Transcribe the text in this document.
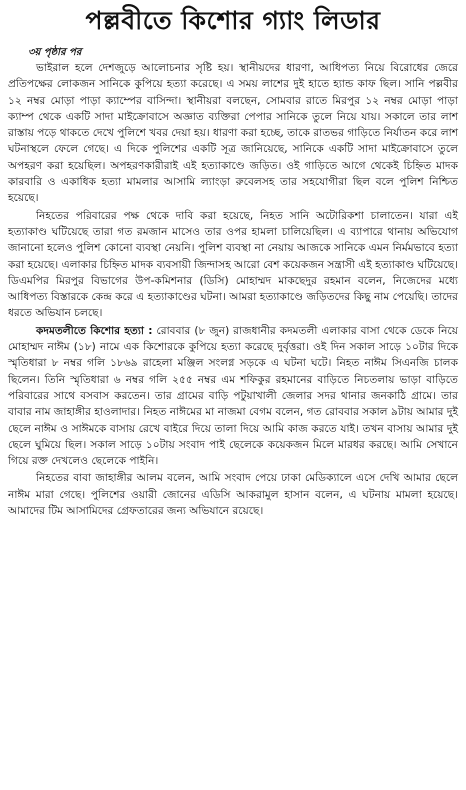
পল্লবীতে কিশোর গ্যাং লিডার
৩য় পৃষ্ঠার পর

ভাইরাল হলে দেশজুড়ে আলোচনার সৃষ্টি হয়। স্থানীয়দের ধারণা, আধিপত্য নিয়ে বিরোধের জেরে প্রতিপক্ষের লোকজন সানিকে কুপিয়ে হত্যা করেছে। এ সময় লাশের দুই হাতে হ্যান্ড কাফ ছিল। সানি পল্লবীর ১২ নম্বর মোড়া পাড়া ক্যাম্পের বাসিন্দা। স্থানীয়রা বলছেন, সোমবার রাতে মিরপুর ১২ নম্বর মোড়া পাড়া ক্যাম্প থেকে একটি সাদা মাইক্রোবাসে অজ্ঞাত ব্যক্তিরা পেপার সানিকে তুলে নিয়ে যায়। সকালে তার লাশ রাস্তায় পড়ে থাকতে দেখে পুলিশে খবর দেয়া হয়। ধারণা করা হচ্ছে, তাকে রাতভর গাড়িতে নির্যাতন করে লাশ ঘটনাস্থলে ফেলে গেছে। এ দিকে পুলিশের একটি সূত্র জানিয়েছে, সানিকে একটি সাদা মাইক্রোবাসে তুলে অপহরণ করা হয়েছিল। অপহরণকারীরাই এই হত্যাকাণ্ডে জড়িত। ওই গাড়িতে আগে থেকেই চিহ্নিত মাদক কারবারি ও একাধিক হত্যা মামলার আসামি ল্যাংড়া রুবেলসহ তার সহযোগীরা ছিল বলে পুলিশ নিশ্চিত হয়েছে।

নিহতের পরিবারের পক্ষ থেকে দাবি করা হয়েছে, নিহত সানি অটোরিকশা চালাতেন। যারা এই হত্যাকাণ্ড ঘটিয়েছে তারা গত রমজান মাসেও তার ওপর হামলা চালিয়েছিল। এ ব্যাপারে থানায় অভিযোগ জানানো হলেও পুলিশ কোনো ব্যবস্থা নেয়নি। পুলিশ ব্যবস্থা না নেয়ায় আজকে সানিকে এমন নির্মমভাবে হত্যা করা হয়েছে। এলাকার চিহ্নিত মাদক ব্যবসায়ী জিন্দাসহ আরো বেশ কয়েকজন সন্ত্রাসী এই হত্যাকাণ্ড ঘটিয়েছে। ডিএমপির মিরপুর বিভাগের উপ-কমিশনার (ডিসি) মোহাম্মদ মাকছেদুর রহমান বলেন, নিজেদের মধ্যে আধিপত্য বিস্তারকে কেন্দ্র করে এ হত্যাকাণ্ডের ঘটনা। আমরা হত্যাকাণ্ডে জড়িতদের কিছু নাম পেয়েছি। তাদের ধরতে অভিযান চলছে।

কদমতলীতে কিশোর হত্যা : রোববার (৮ জুন) রাজধানীর কদমতলী এলাকার বাসা থেকে ডেকে নিয়ে মোহাম্মদ নাঈম (১৮) নামে এক কিশোরকে কুপিয়ে হত্যা করেছে দুর্বৃত্তরা। ওই দিন সকাল সাড়ে ১০টার দিকে স্মৃতিধারা ৮ নম্বর গলি ১৮৬৯ রাহেলা মঞ্জিল সংলগ্ন সড়কে এ ঘটনা ঘটে। নিহত নাঈম সিএনজি চালক ছিলেন। তিনি স্মৃতিধারা ৬ নম্বর গলি ২৫৫ নম্বর এম শফিকুর রহমানের বাড়িতে নিচতলায় ভাড়া বাড়িতে পরিবারের সাথে বসবাস করতেন। তার গ্রামের বাড়ি পটুয়াখালী জেলার সদর থানার জনকাঠি গ্রামে। তার বাবার নাম জাহাঙ্গীর হাওলাদার। নিহত নাঈমের মা নাজমা বেগম বলেন, গত রোববার সকাল ৯টায় আমার দুই ছেলে নাঈম ও সাঈমকে বাসায় রেখে বাইরে দিয়ে তালা দিয়ে আমি কাজ করতে যাই। তখন বাসায় আমার দুই ছেলে ঘুমিয়ে ছিল। সকাল সাড়ে ১০টায় সংবাদ পাই ছেলেকে কয়েকজন মিলে মারধর করছে। আমি সেখানে গিয়ে রক্ত দেখলেও ছেলেকে পাইনি।

নিহতের বাবা জাহাঙ্গীর আলম বলেন, আমি সংবাদ পেয়ে ঢাকা মেডিক্যালে এসে দেখি আমার ছেলে নাঈম মারা গেছে। পুলিশের ওয়ারী জোনের এডিসি আকরামুল হাসান বলেন, এ ঘটনায় মামলা হয়েছে। আমাদের টিম আসামিদের গ্রেফতারের জন্য অভিযানে রয়েছে।
